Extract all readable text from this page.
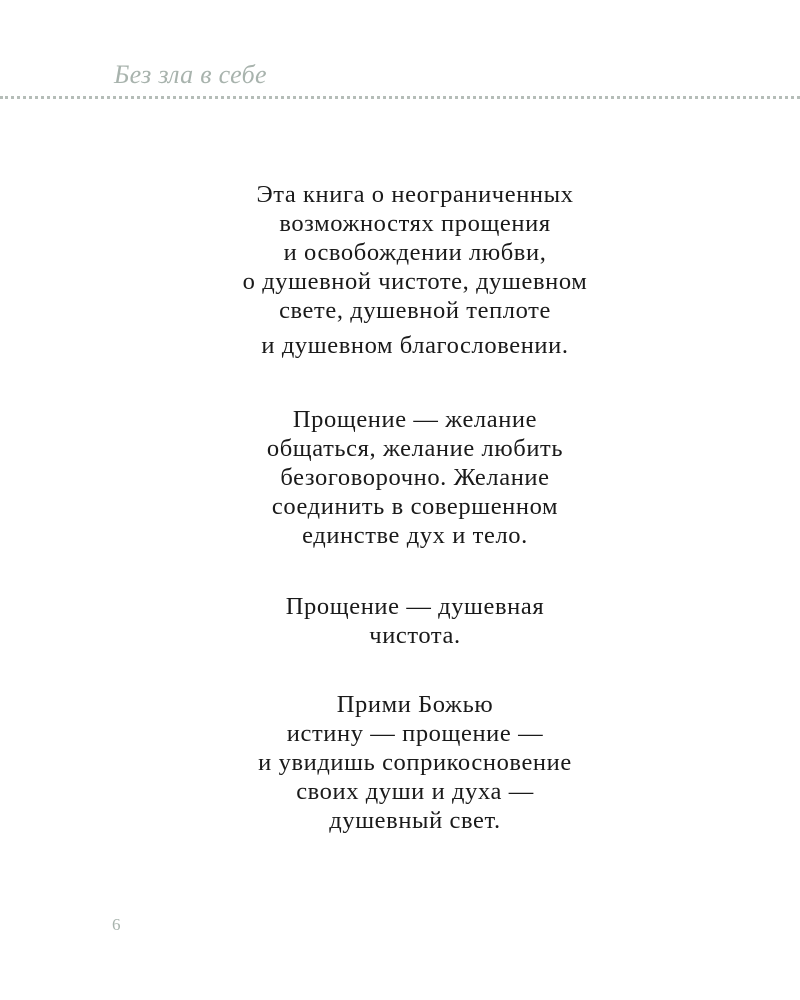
Без зла в себе
Эта книга о неограниченных
возможностях прощения
и освобождении любви,
о душевной чистоте, душевном
свете, душевной теплоте
и душевном благословении.
Прощение — желание
общаться, желание любить
безоговорочно. Желание
соединить в совершенном
единстве дух и тело.
Прощение — душевная
чистота.
Прими Божью
истину — прощение —
и увидишь соприкосновение
своих души и духа —
душевный свет.
6
